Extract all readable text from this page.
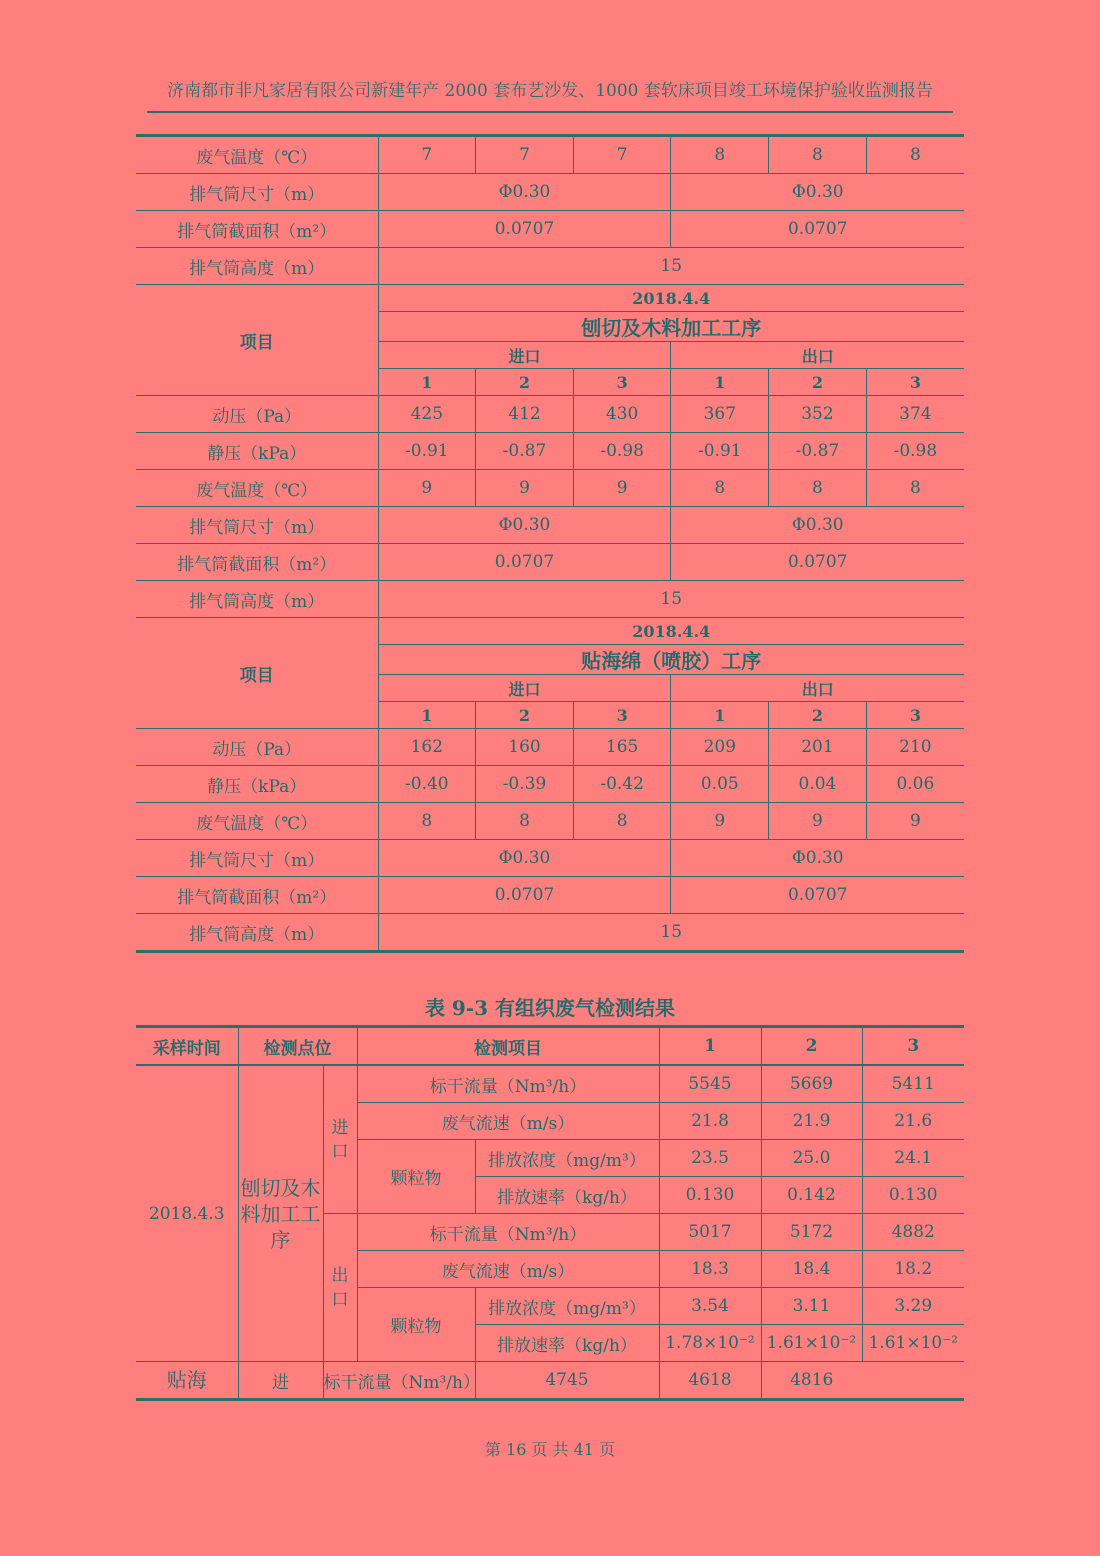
济南都市非凡家居有限公司新建年产 2000 套布艺沙发、1000 套软床项目竣工环境保护验收监测报告
废气温度（℃）	7	7	7	8	8	8
排气筒尺寸（m）	Φ0.30			Φ0.30		
排气筒截面积（m²）	0.0707			0.0707		
排气筒高度（m）	15					
项目	2018.4.4					
	刨切及木料加工工序					
	进口			出口		
	1	2	3	1	2	3
动压（Pa）	425	412	430	367	352	374
静压（kPa）	-0.91	-0.87	-0.98	-0.91	-0.87	-0.98
废气温度（℃）	9	9	9	8	8	8
排气筒尺寸（m）	Φ0.30			Φ0.30		
排气筒截面积（m²）	0.0707			0.0707		
排气筒高度（m）	15					
项目	2018.4.4					
	贴海绵（喷胶）工序					
	进口			出口		
	1	2	3	1	2	3
动压（Pa）	162	160	165	209	201	210
静压（kPa）	-0.40	-0.39	-0.42	0.05	0.04	0.06
废气温度（℃）	8	8	8	9	9	9
排气筒尺寸（m）	Φ0.30			Φ0.30		
排气筒截面积（m²）	0.0707			0.0707		
排气筒高度（m）	15					
表 9-3 有组织废气检测结果
采样时间	检测点位		检测项目		1	2	3
2018.4.3	刨切及木料加工工序	进口	标干流量（Nm³/h）		5545	5669	5411
			废气流速（m/s）		21.8	21.9	21.6
			颗粒物	排放浓度（mg/m³）	23.5	25.0	24.1
				排放速率（kg/h）	0.130	0.142	0.130
		出口	标干流量（Nm³/h）		5017	5172	4882
			废气流速（m/s）		18.3	18.4	18.2
			颗粒物	排放浓度（mg/m³）	3.54	3.11	3.29
				排放速率（kg/h）	1.78×10⁻²	1.61×10⁻²	1.61×10⁻²
贴海	进	标干流量（Nm³/h）		4745	4618	4816	
第 16 页 共 41 页
